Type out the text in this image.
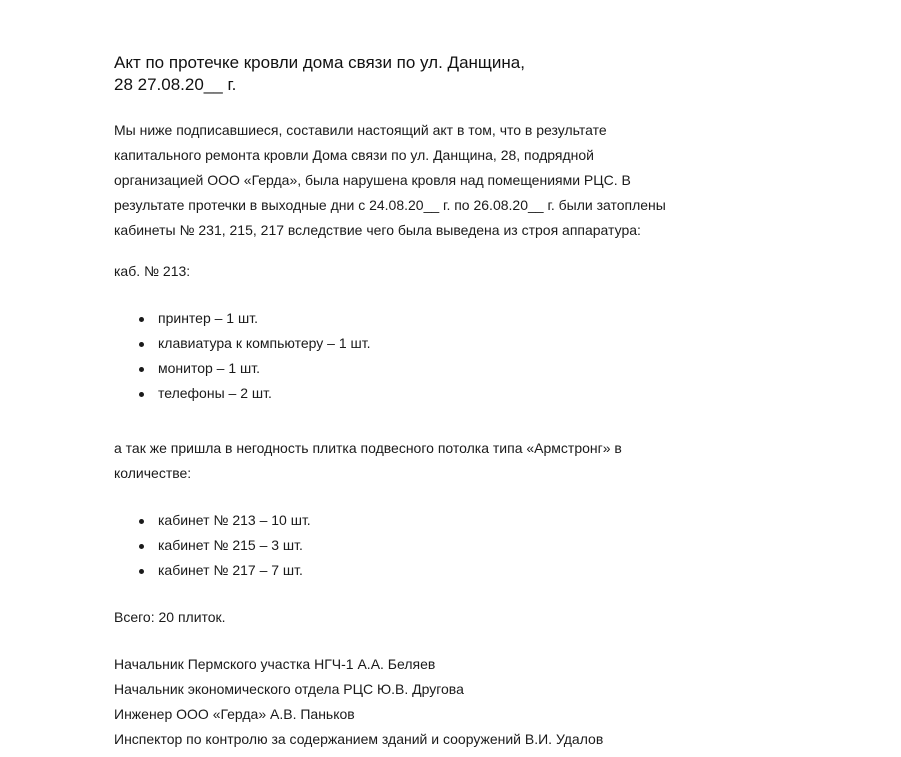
Акт по протечке кровли дома связи по ул. Данщина,
28 27.08.20__ г.

Мы ниже подписавшиеся, составили настоящий акт в том, что в результате
капитального ремонта кровли Дома связи по ул. Данщина, 28, подрядной
организацией ООО «Герда», была нарушена кровля над помещениями РЦС. В
результате протечки в выходные дни с 24.08.20__ г. по 26.08.20__ г. были затоплены
кабинеты № 231, 215, 217 вследствие чего была выведена из строя аппаратура:

каб. № 213:

принтер – 1 шт.
клавиатура к компьютеру – 1 шт.
монитор – 1 шт.
телефоны – 2 шт.

а так же пришла в негодность плитка подвесного потолка типа «Армстронг» в
количестве:

кабинет № 213 – 10 шт.
кабинет № 215 – 3 шт.
кабинет № 217 – 7 шт.

Всего: 20 плиток.

Начальник Пермского участка НГЧ-1 А.А. Беляев

Начальник экономического отдела РЦС Ю.В. Другова

Инженер ООО «Герда» А.В. Паньков

Инспектор по контролю за содержанием зданий и сооружений В.И. Удалов
